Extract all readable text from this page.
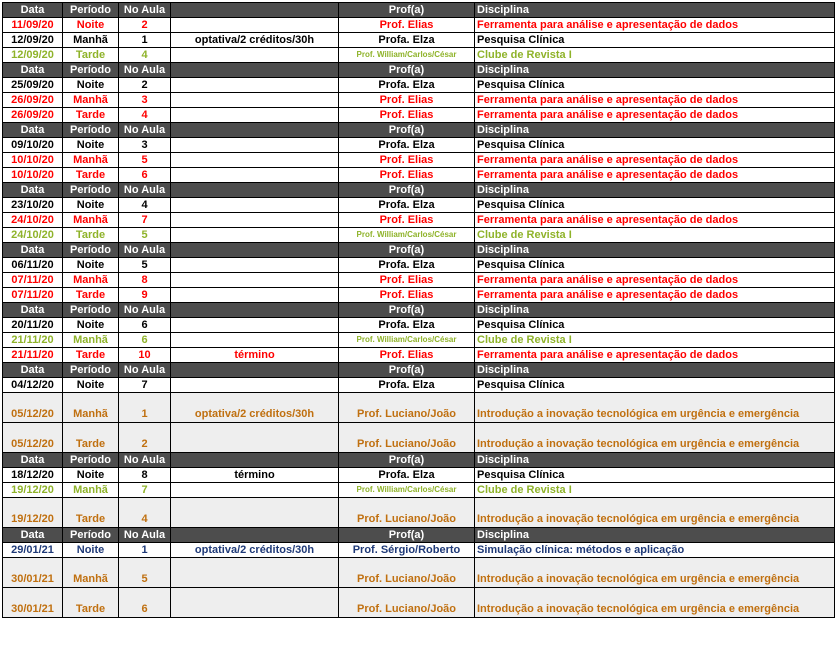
Data	Período	No Aula		Prof(a)	Disciplina
11/09/20	Noite	2		Prof. Elias	Ferramenta para análise e apresentação de dados
12/09/20	Manhã	1	optativa/2 créditos/30h	Profa. Elza	Pesquisa Clínica
12/09/20	Tarde	4		Prof. William/Carlos/César	Clube de Revista I
Data	Período	No Aula		Prof(a)	Disciplina
25/09/20	Noite	2		Profa. Elza	Pesquisa Clínica
26/09/20	Manhã	3		Prof. Elias	Ferramenta para análise e apresentação de dados
26/09/20	Tarde	4		Prof. Elias	Ferramenta para análise e apresentação de dados
Data	Período	No Aula		Prof(a)	Disciplina
09/10/20	Noite	3		Profa. Elza	Pesquisa Clínica
10/10/20	Manhã	5		Prof. Elias	Ferramenta para análise e apresentação de dados
10/10/20	Tarde	6		Prof. Elias	Ferramenta para análise e apresentação de dados
Data	Período	No Aula		Prof(a)	Disciplina
23/10/20	Noite	4		Profa. Elza	Pesquisa Clínica
24/10/20	Manhã	7		Prof. Elias	Ferramenta para análise e apresentação de dados
24/10/20	Tarde	5		Prof. William/Carlos/César	Clube de Revista I
Data	Período	No Aula		Prof(a)	Disciplina
06/11/20	Noite	5		Profa. Elza	Pesquisa Clínica
07/11/20	Manhã	8		Prof. Elias	Ferramenta para análise e apresentação de dados
07/11/20	Tarde	9		Prof. Elias	Ferramenta para análise e apresentação de dados
Data	Período	No Aula		Prof(a)	Disciplina
20/11/20	Noite	6		Profa. Elza	Pesquisa Clínica
21/11/20	Manhã	6		Prof. William/Carlos/César	Clube de Revista I
21/11/20	Tarde	10	término	Prof. Elias	Ferramenta para análise e apresentação de dados
Data	Período	No Aula		Prof(a)	Disciplina
04/12/20	Noite	7		Profa. Elza	Pesquisa Clínica
05/12/20	Manhã	1	optativa/2 créditos/30h	Prof. Luciano/João	Introdução a inovação tecnológica em urgência e emergência
05/12/20	Tarde	2		Prof. Luciano/João	Introdução a inovação tecnológica em urgência e emergência
Data	Período	No Aula		Prof(a)	Disciplina
18/12/20	Noite	8	término	Profa. Elza	Pesquisa Clínica
19/12/20	Manhã	7		Prof. William/Carlos/César	Clube de Revista I
19/12/20	Tarde	4		Prof. Luciano/João	Introdução a inovação tecnológica em urgência e emergência
Data	Período	No Aula		Prof(a)	Disciplina
29/01/21	Noite	1	optativa/2 créditos/30h	Prof. Sérgio/Roberto	Simulação clínica: métodos e aplicação
30/01/21	Manhã	5		Prof. Luciano/João	Introdução a inovação tecnológica em urgência e emergência
30/01/21	Tarde	6		Prof. Luciano/João	Introdução a inovação tecnológica em urgência e emergência
